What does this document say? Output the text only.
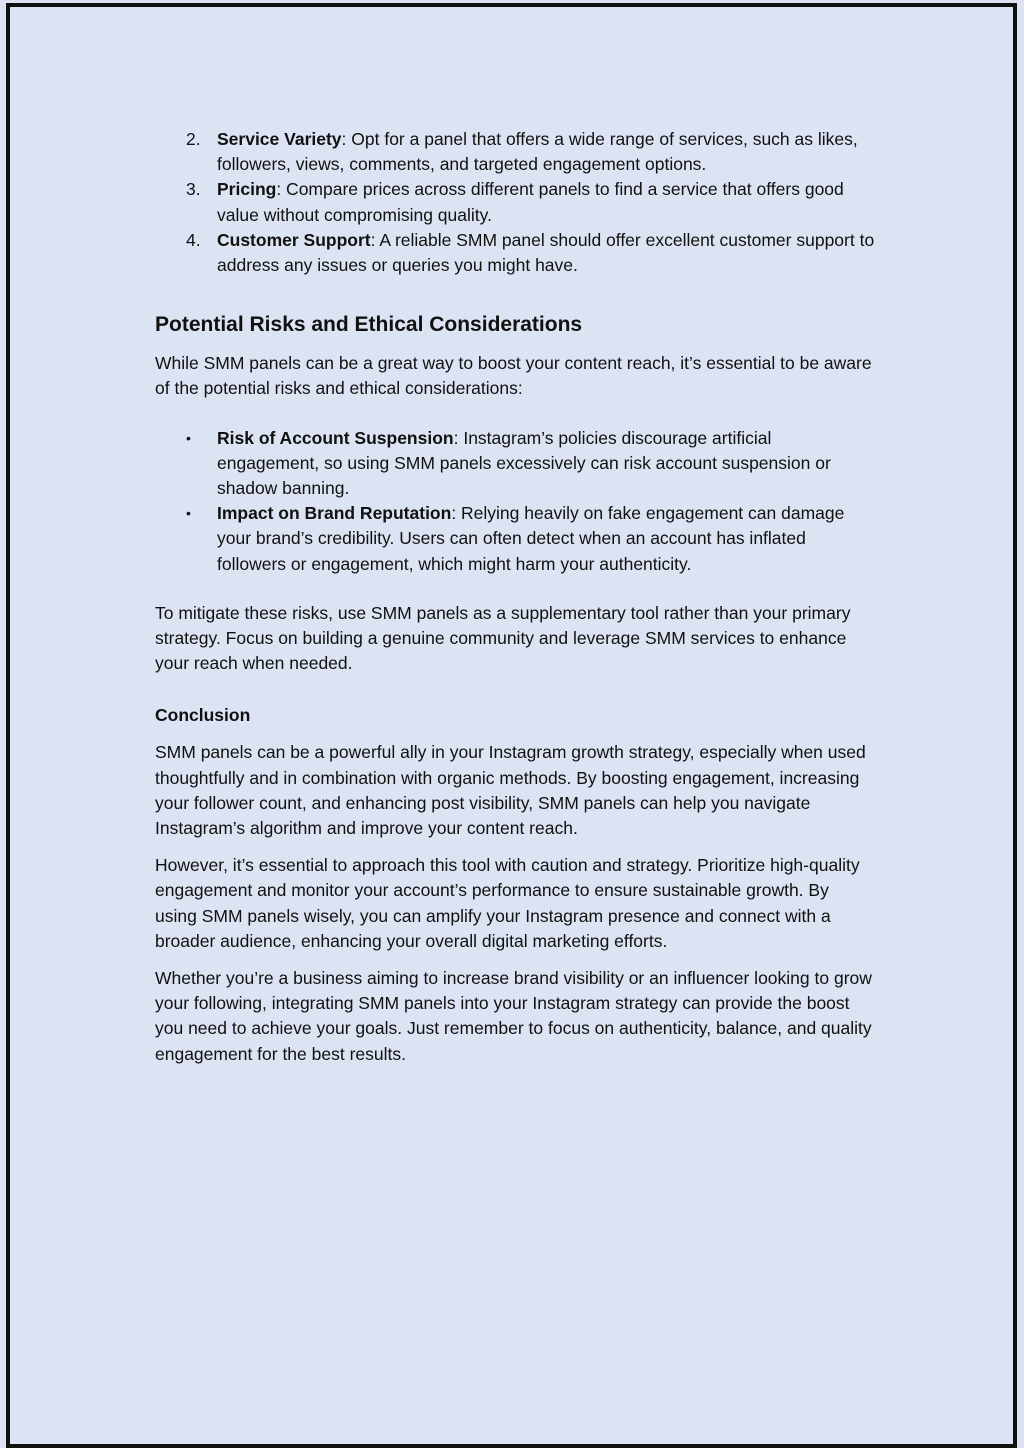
2. Service Variety: Opt for a panel that offers a wide range of services, such as likes, followers, views, comments, and targeted engagement options.
3. Pricing: Compare prices across different panels to find a service that offers good value without compromising quality.
4. Customer Support: A reliable SMM panel should offer excellent customer support to address any issues or queries you might have.
Potential Risks and Ethical Considerations

While SMM panels can be a great way to boost your content reach, it’s essential to be aware of the potential risks and ethical considerations:

• Risk of Account Suspension: Instagram’s policies discourage artificial engagement, so using SMM panels excessively can risk account suspension or shadow banning.
• Impact on Brand Reputation: Relying heavily on fake engagement can damage your brand’s credibility. Users can often detect when an account has inflated followers or engagement, which might harm your authenticity.

To mitigate these risks, use SMM panels as a supplementary tool rather than your primary strategy. Focus on building a genuine community and leverage SMM services to enhance your reach when needed.

Conclusion

SMM panels can be a powerful ally in your Instagram growth strategy, especially when used thoughtfully and in combination with organic methods. By boosting engagement, increasing your follower count, and enhancing post visibility, SMM panels can help you navigate Instagram’s algorithm and improve your content reach.

However, it’s essential to approach this tool with caution and strategy. Prioritize high-quality engagement and monitor your account’s performance to ensure sustainable growth. By using SMM panels wisely, you can amplify your Instagram presence and connect with a broader audience, enhancing your overall digital marketing efforts.

Whether you’re a business aiming to increase brand visibility or an influencer looking to grow your following, integrating SMM panels into your Instagram strategy can provide the boost you need to achieve your goals. Just remember to focus on authenticity, balance, and quality engagement for the best results.
